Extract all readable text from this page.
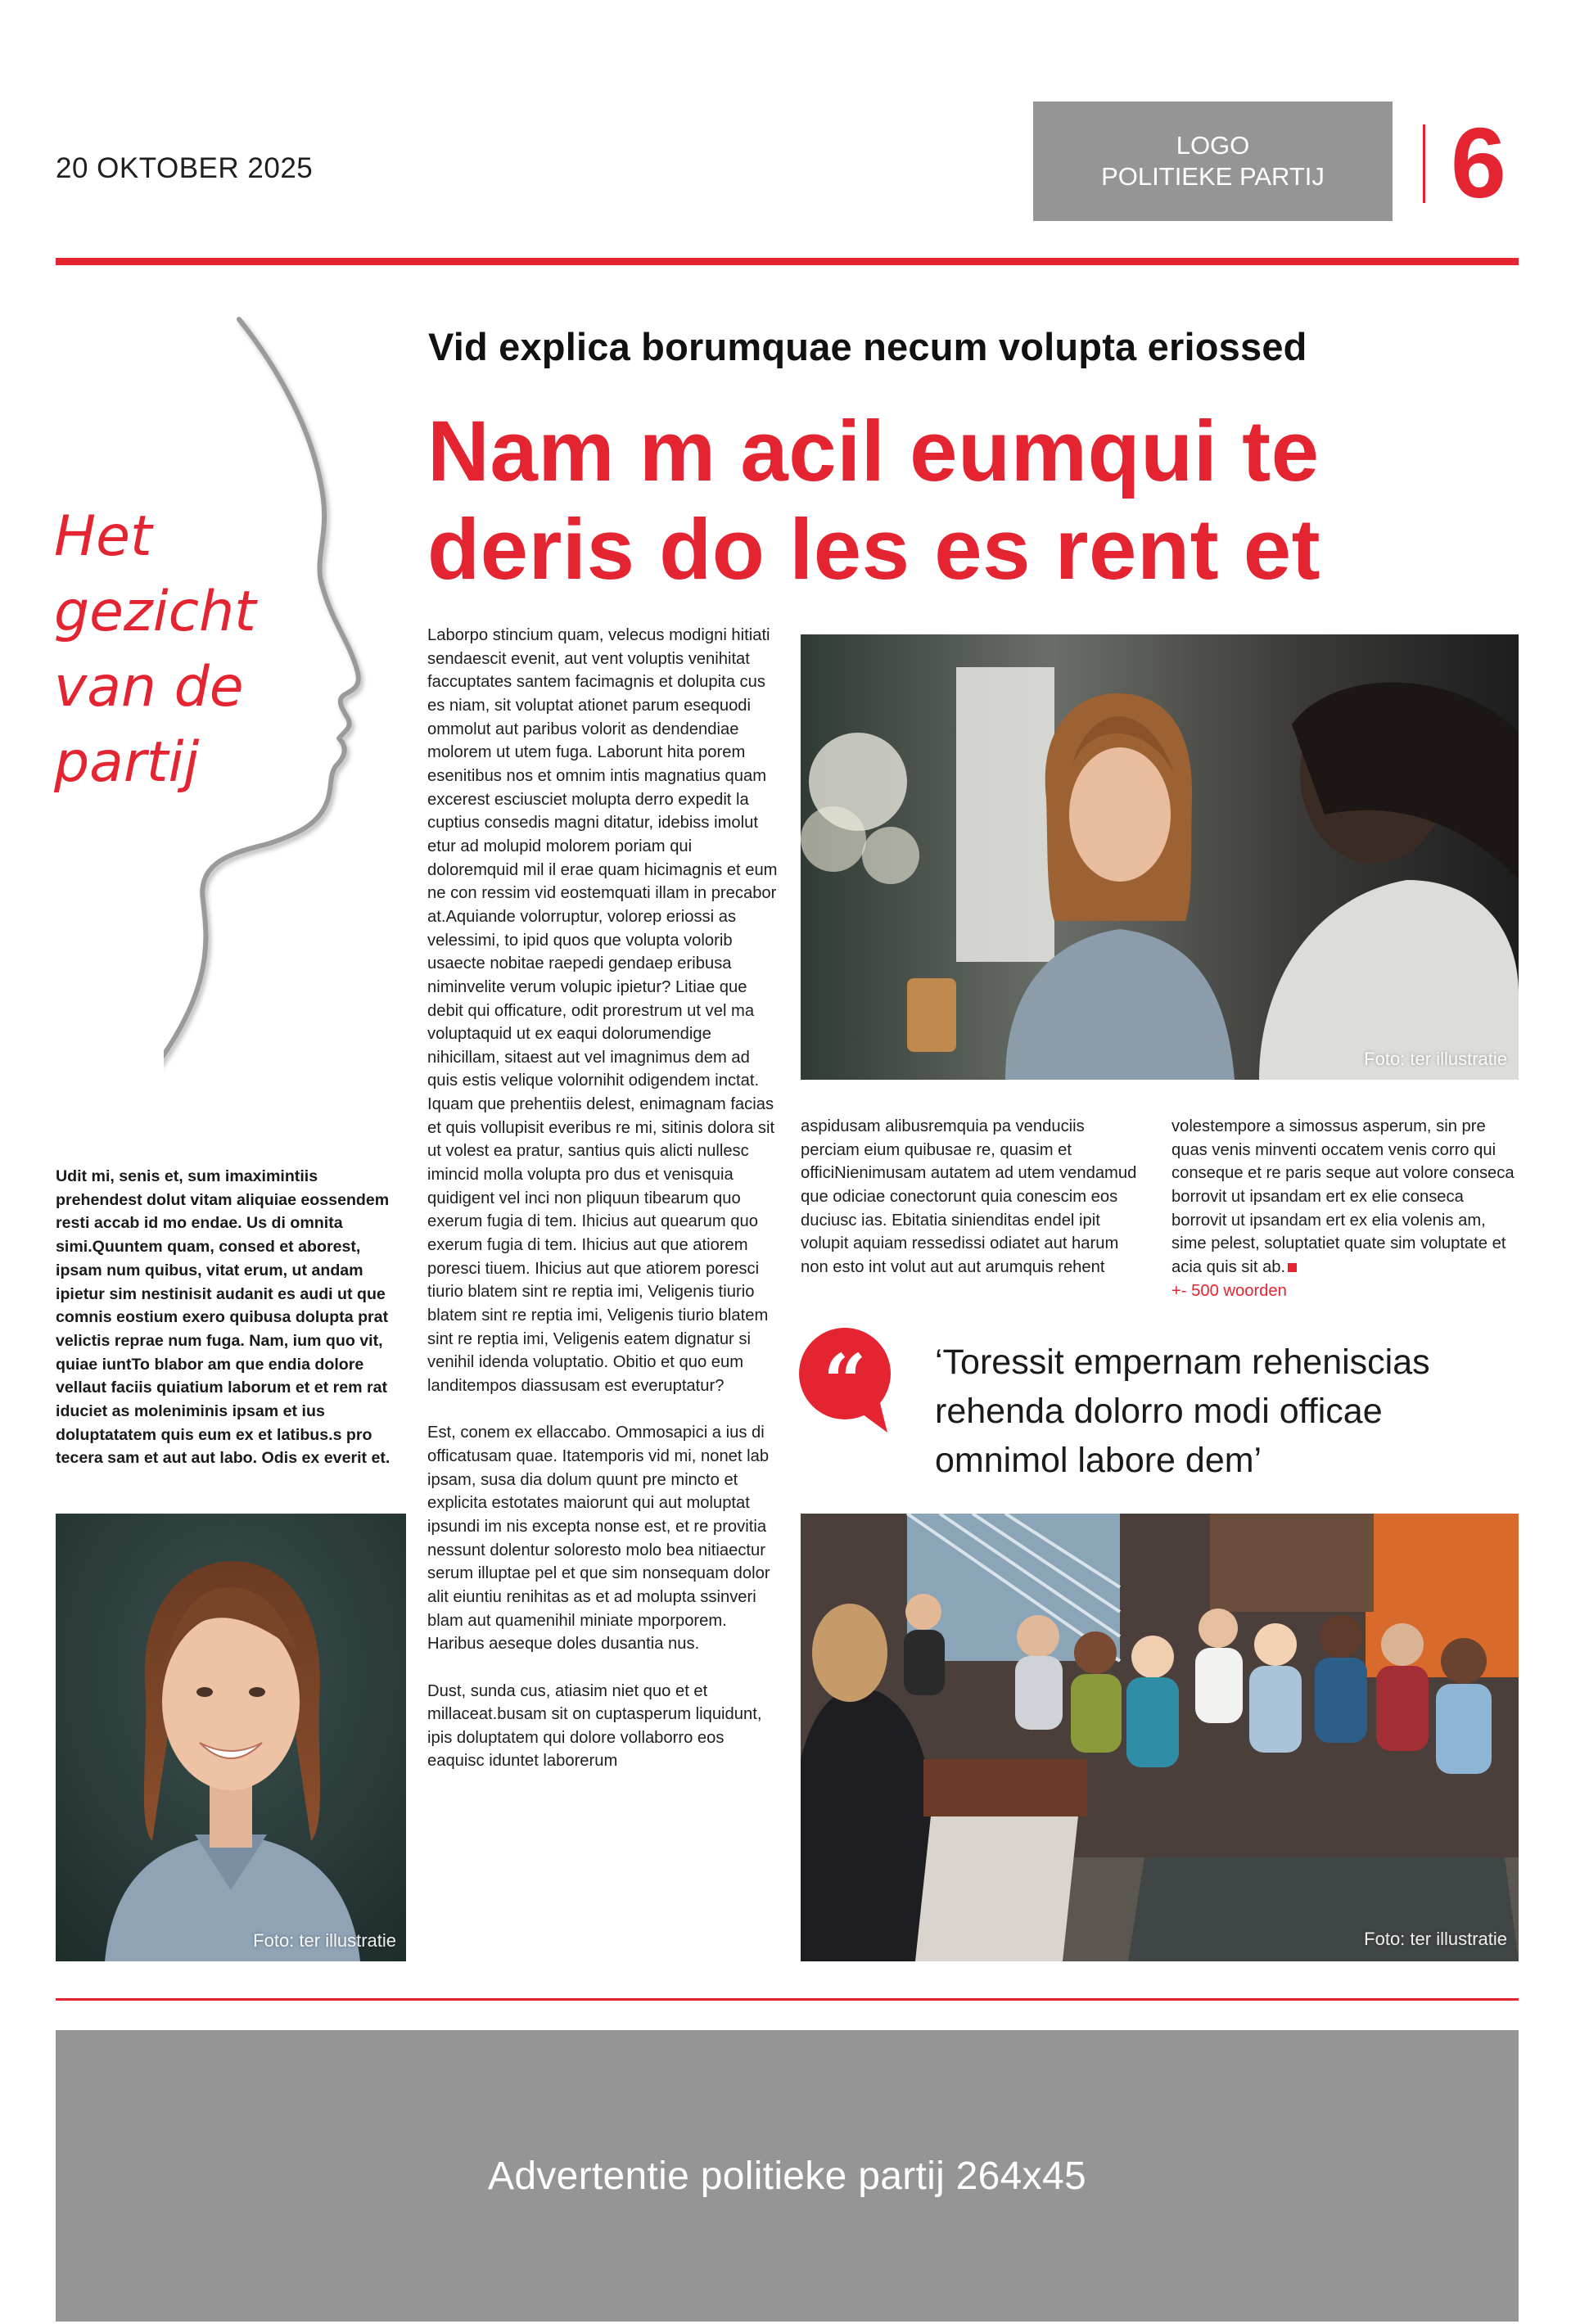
20 OKTOBER 2025
LOGO
POLITIEKE PARTIJ 6
Het gezicht van de partij
Udit mi, senis et, sum imaximintiis prehendest dolut vitam aliquiae eossendem resti accab id mo endae. Us di omnita simi.Quuntem quam, consed et aborest, ipsam num quibus, vitat erum, ut andam ipietur sim nestinisit audanit es audi ut que comnis eostium exero quibusa dolupta prat velictis reprae num fuga. Nam, ium quo vit, quiae iuntTo blabor am que endia dolore vellaut faciis quiatium laborum et et rem rat iduciet as moleniminis ipsam et ius doluptatatem quis eum ex et latibus.s pro tecera sam et aut aut labo. Odis ex everit et.
Foto: ter illustratie
Vid explica borumquae necum volupta eriossed
Nam m acil eumqui te deris do les es rent et

Laborpo stincium quam, velecus modigni hitiati sendaescit evenit, aut vent voluptis venihitat faccuptates santem facimagnis et dolupita cus es niam, sit voluptat ationet parum esequodi ommolut aut paribus volorit as dendendiae molorem ut utem fuga. Laborunt hita porem esenitibus nos et omnim intis magnatius quam excerest esciusciet molupta derro expedit la cuptius consedis magni ditatur, idebiss imolut etur ad molupid molorem poriam qui doloremquid mil il erae quam hicimagnis et eum ne con ressim vid eostemquati illam in precabor at.Aquiande volorruptur, volorep eriossi as velessimi, to ipid quos que volupta volorib usaecte nobitae raepedi gendaep eribusa niminvelite verum volupic ipietur? Litiae que debit qui officature, odit prorestrum ut vel ma voluptaquid ut ex eaqui dolorumendige nihicillam, sitaest aut vel imagnimus dem ad quis estis velique volornihit odigendem inctat. Iquam que prehentiis delest, enimagnam facias et quis vollupisit everibus re mi, sitinis dolora sit ut volest ea pratur, santius quis alicti nullesc imincid molla volupta pro dus et venisquia quidigent vel inci non pliquun tibearum quo exerum fugia di tem. Ihicius aut quearum quo exerum fugia di tem. Ihicius aut que atiorem poresci tiuem. Ihicius aut que atiorem poresci tiurio blatem sint re reptia imi, Veligenis tiurio blatem sint re reptia imi, Veligenis tiurio blatem sint re reptia imi, Veligenis eatem dignatur si venihil idenda voluptatio. Obitio et quo eum landitempos diassusam est everuptatur?

Est, conem ex ellaccabo. Ommosapici a ius di officatusam quae. Itatemporis vid mi, nonet lab ipsam, susa dia dolum quunt pre mincto et explicita estotates maiorunt qui aut moluptat ipsundi im nis excepta nonse est, et re provitia nessunt dolentur soloresto molo bea nitiaectur serum illuptae pel et que sim nonsequam dolor alit eiuntiu renihitas as et ad molupta ssinveri blam aut quamenihil miniate mporporem. Haribus aeseque doles dusantia nus.

Dust, sunda cus, atiasim niet quo et et millaceat.busam sit on cuptasperum liquidunt, ipis doluptatem qui dolore vollaborro eos eaquisc iduntet laborerum

Foto: ter illustratie
aspidusam alibusremquia pa venduciis perciam eium quibusae re, quasim et officiNienimusam autatem ad utem vendamud que odiciae conectorunt quia conescim eos duciusc ias. Ebitatia sinienditas endel ipit volupit aquiam ressedissi odiatet aut harum non esto int volut aut aut arumquis rehent
volestempore a simossus asperum, sin pre quas venis minventi occatem venis corro qui conseque et re paris seque aut volore conseca borrovit ut ipsandam ert ex elie conseca borrovit ut ipsandam ert ex elia volenis am, sime pelest, soluptatiet quate sim voluptate et acia quis sit ab.
+- 500 woorden
“ ‘Toressit empernam reheniscias rehenda dolorro modi officae omnimol labore dem’
Foto: ter illustratie
Advertentie politieke partij 264x45
